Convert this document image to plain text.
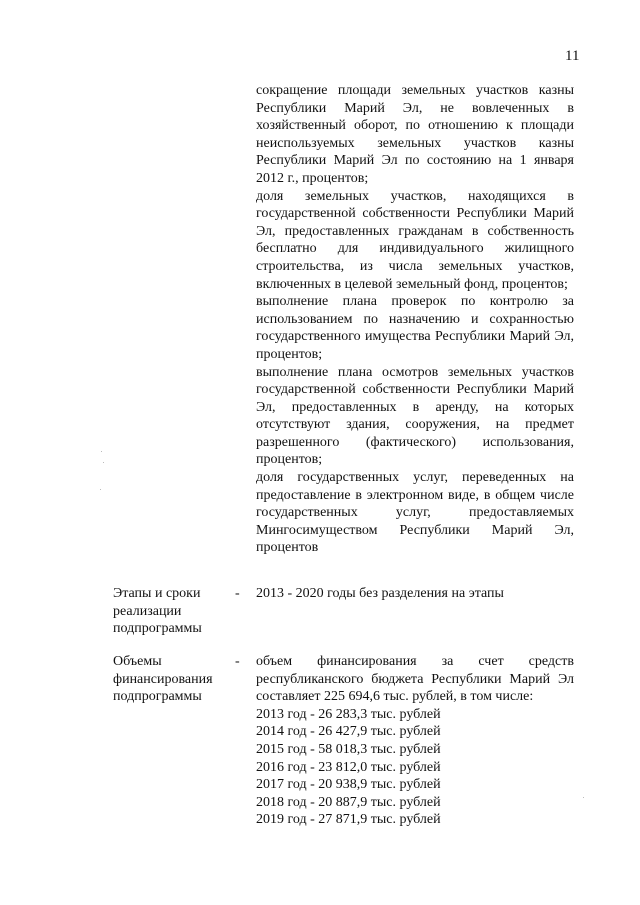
11

сокращение площади земельных участков казны Республики Марий Эл, не вовлеченных в хозяйственный оборот, по отношению к площади неиспользуемых земельных участков казны Республики Марий Эл по состоянию на 1 января 2012 г., процентов;

доля земельных участков, находящихся в государственной собственности Республики Марий Эл, предоставленных гражданам в собственность бесплатно для индивидуального жилищного строительства, из числа земельных участков, включенных в целевой земельный фонд, процентов;

выполнение плана проверок по контролю за использованием по назначению и сохранностью государственного имущества Республики Марий Эл, процентов;

выполнение плана осмотров земельных участков государственной собственности Республики Марий Эл, предоставленных в аренду, на которых отсутствуют здания, сооружения, на предмет разрешенного (фактического) использования, процентов;

доля государственных услуг, переведенных на предоставление в электронном виде, в общем числе государственных услуг, предоставляемых Мингосимуществом Республики Марий Эл, процентов

Этапы и сроки реализации подпрограммы
- 2013 - 2020 годы без разделения на этапы
Объемы финансирования подпрограммы
- объем финансирования за счет средств республиканского бюджета Республики Марий Эл составляет 225 694,6 тыс. рублей, в том числе:

2013 год - 26 283,3 тыс. рублей
2014 год - 26 427,9 тыс. рублей
2015 год - 58 018,3 тыс. рублей
2016 год - 23 812,0 тыс. рублей
2017 год - 20 938,9 тыс. рублей
2018 год - 20 887,9 тыс. рублей
2019 год - 27 871,9 тыс. рублей
